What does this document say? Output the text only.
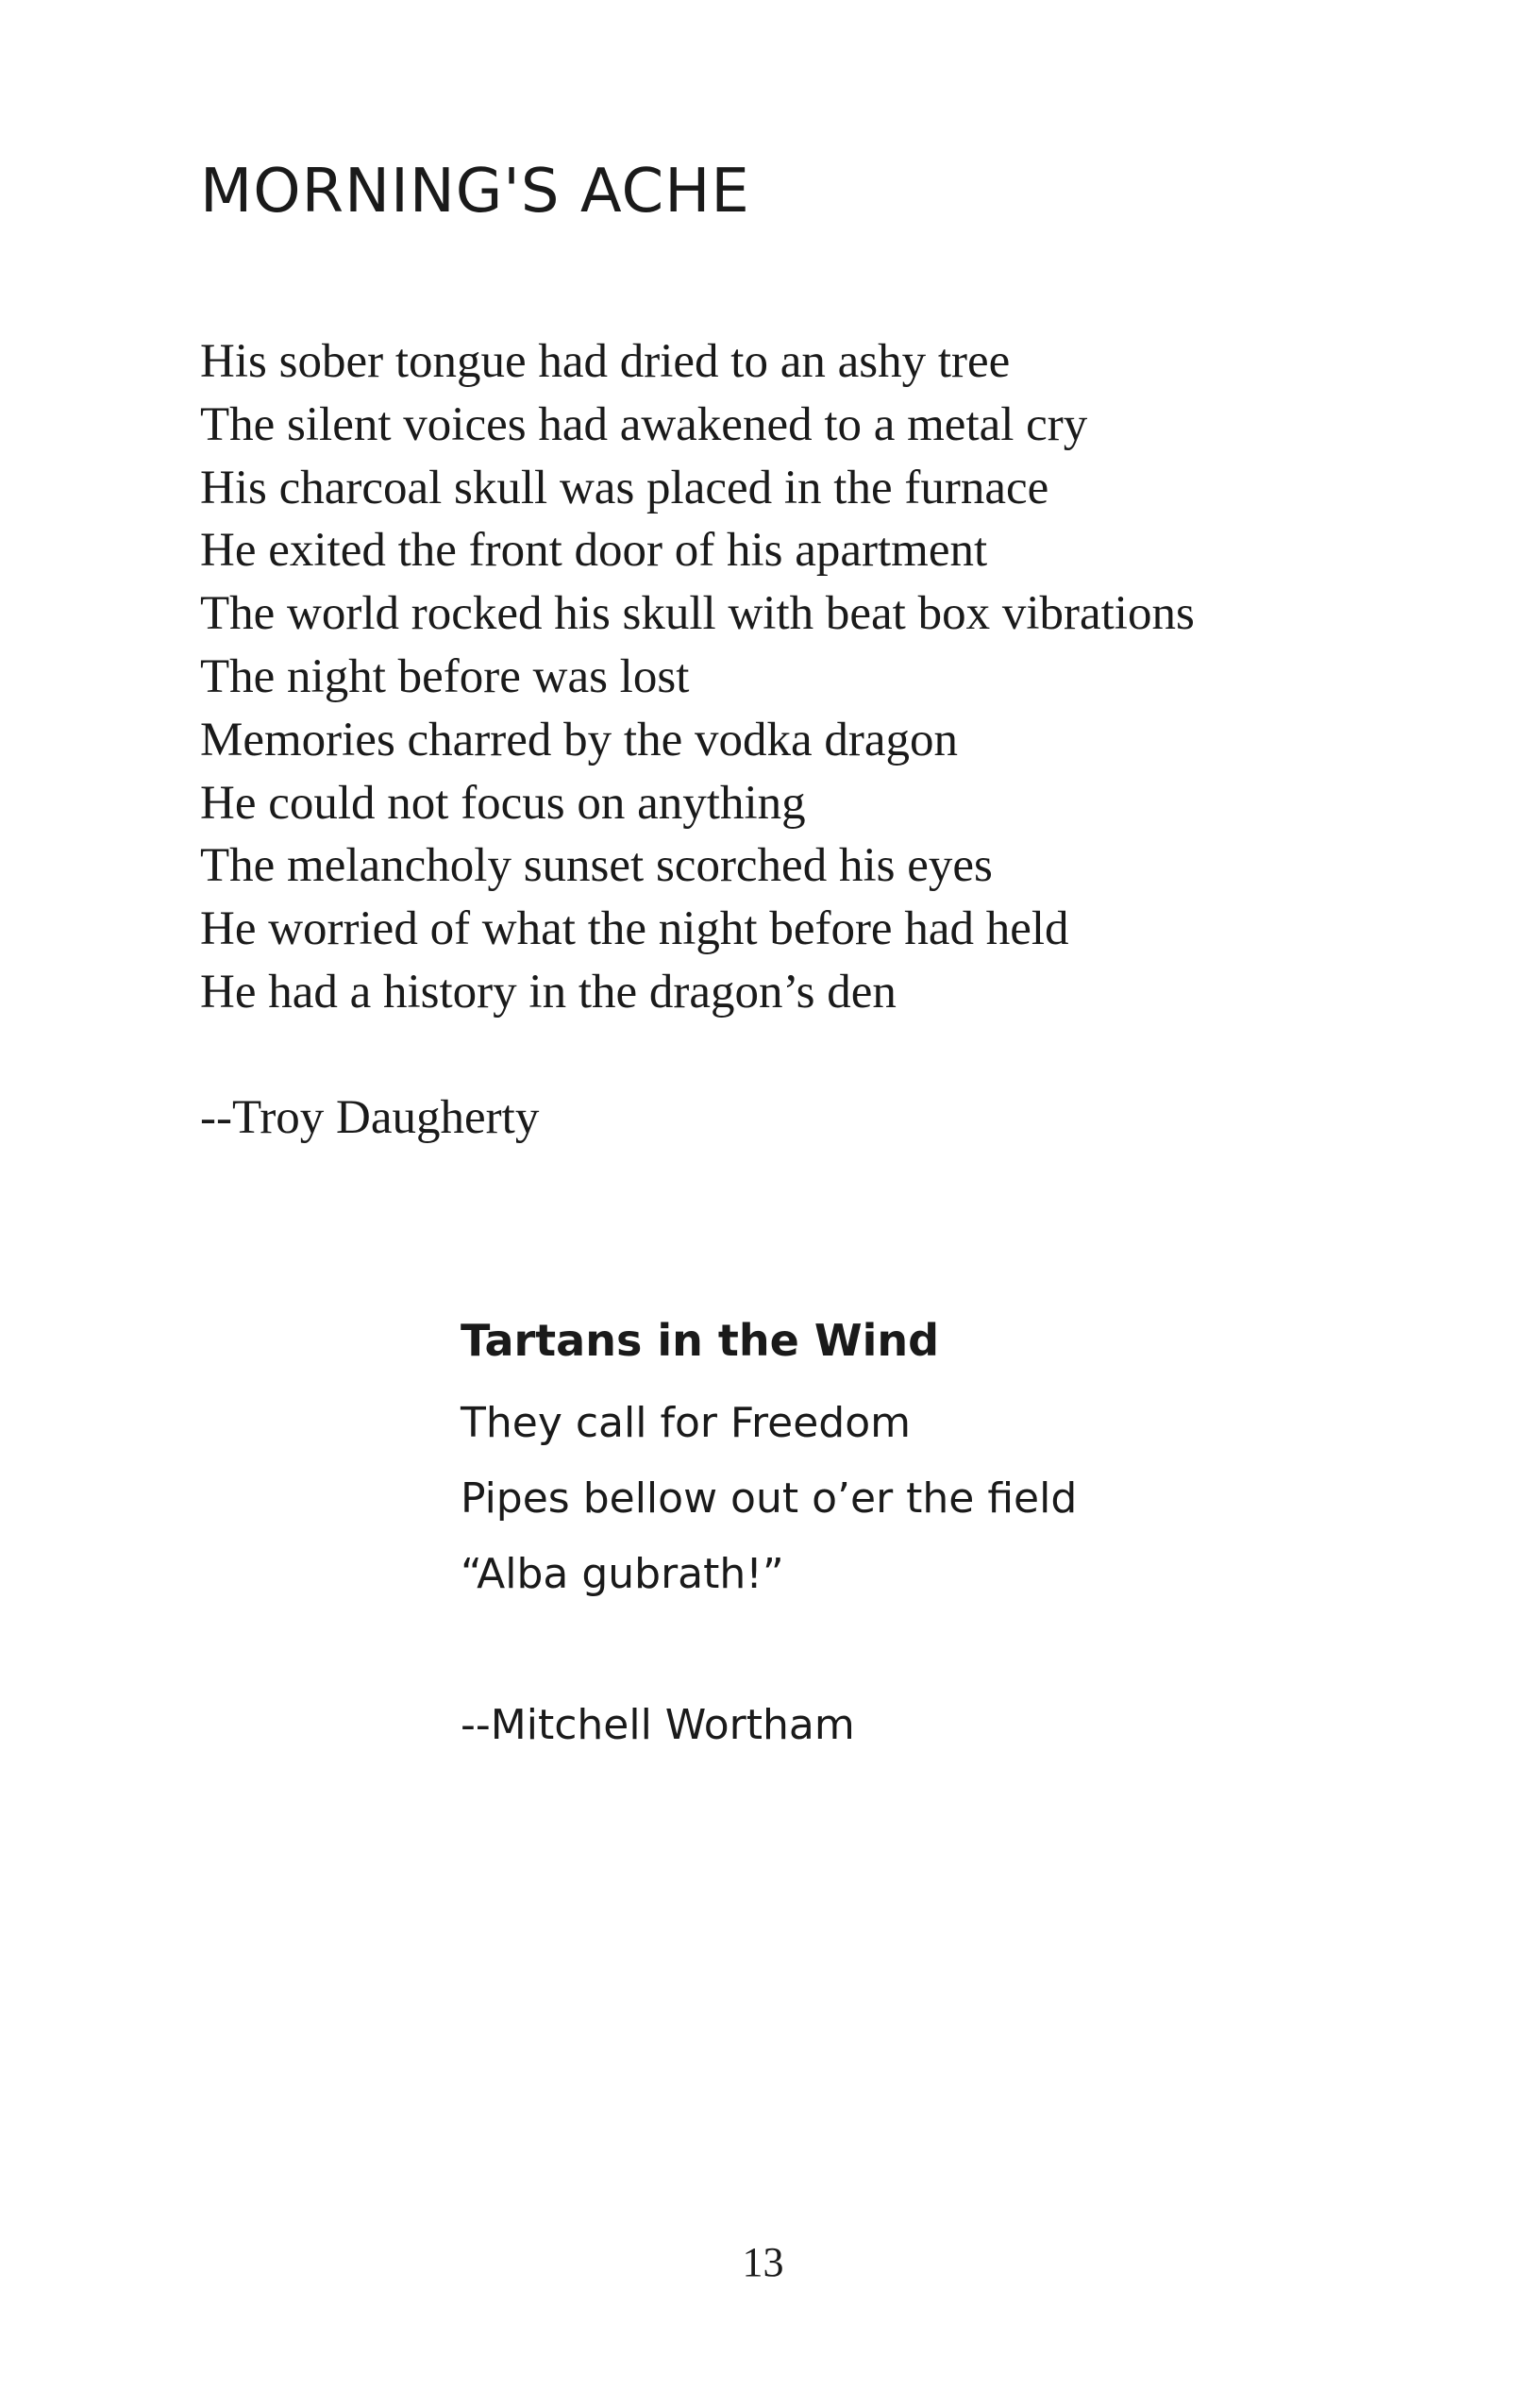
MORNING'S ACHE
His sober tongue had dried to an ashy tree
The silent voices had awakened to a metal cry
His charcoal skull was placed in the furnace
He exited the front door of his apartment
The world rocked his skull with beat box vibrations
The night before was lost
Memories charred by the vodka dragon
He could not focus on anything
The melancholy sunset scorched his eyes
He worried of what the night before had held
He had a history in the dragon’s den
--Troy Daugherty
Tartans in the Wind
They call for Freedom
Pipes bellow out o’er the field
“Alba gubrath!”
--Mitchell Wortham
13
